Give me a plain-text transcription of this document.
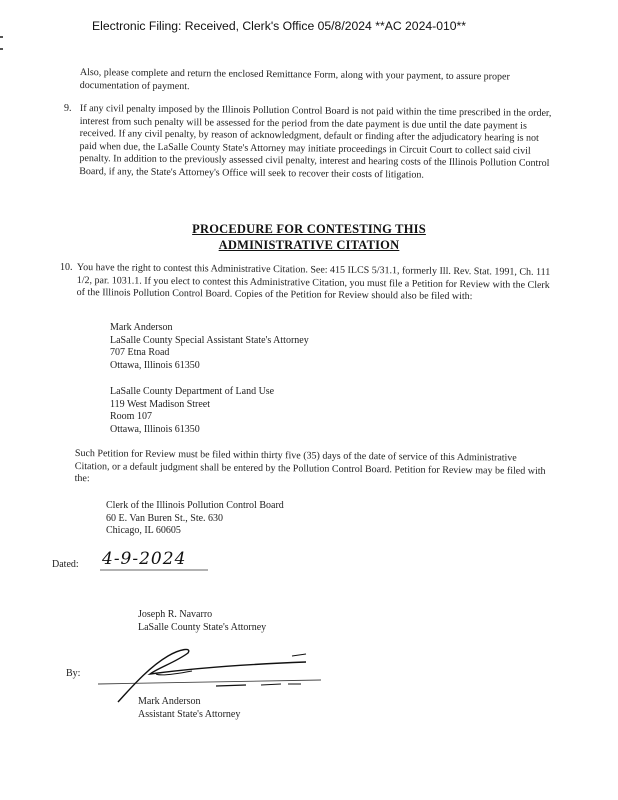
Electronic Filing: Received, Clerk's Office 05/8/2024 **AC 2024-010**
Also, please complete and return the enclosed Remittance Form, along with your payment, to assure proper documentation of payment.
9. If any civil penalty imposed by the Illinois Pollution Control Board is not paid within the time prescribed in the order, interest from such penalty will be assessed for the period from the date payment is due until the date payment is received. If any civil penalty, by reason of acknowledgment, default or finding after the adjudicatory hearing is not paid when due, the LaSalle County State's Attorney may initiate proceedings in Circuit Court to collect said civil penalty. In addition to the previously assessed civil penalty, interest and hearing costs of the Illinois Pollution Control Board, if any, the State's Attorney's Office will seek to recover their costs of litigation.
PROCEDURE FOR CONTESTING THIS
ADMINISTRATIVE CITATION
10. You have the right to contest this Administrative Citation. See: 415 ILCS 5/31.1, formerly Ill. Rev. Stat. 1991, Ch. 111 1/2, par. 1031.1. If you elect to contest this Administrative Citation, you must file a Petition for Review with the Clerk of the Illinois Pollution Control Board. Copies of the Petition for Review should also be filed with:
Mark Anderson
LaSalle County Special Assistant State's Attorney
707 Etna Road
Ottawa, Illinois 61350
LaSalle County Department of Land Use
119 West Madison Street
Room 107
Ottawa, Illinois 61350
Such Petition for Review must be filed within thirty five (35) days of the date of service of this Administrative Citation, or a default judgment shall be entered by the Pollution Control Board. Petition for Review may be filed with the:
Clerk of the Illinois Pollution Control Board
60 E. Van Buren St., Ste. 630
Chicago, IL 60605
Dated: 4-9-2024
Joseph R. Navarro
LaSalle County State's Attorney
By:
Mark Anderson
Assistant State's Attorney
